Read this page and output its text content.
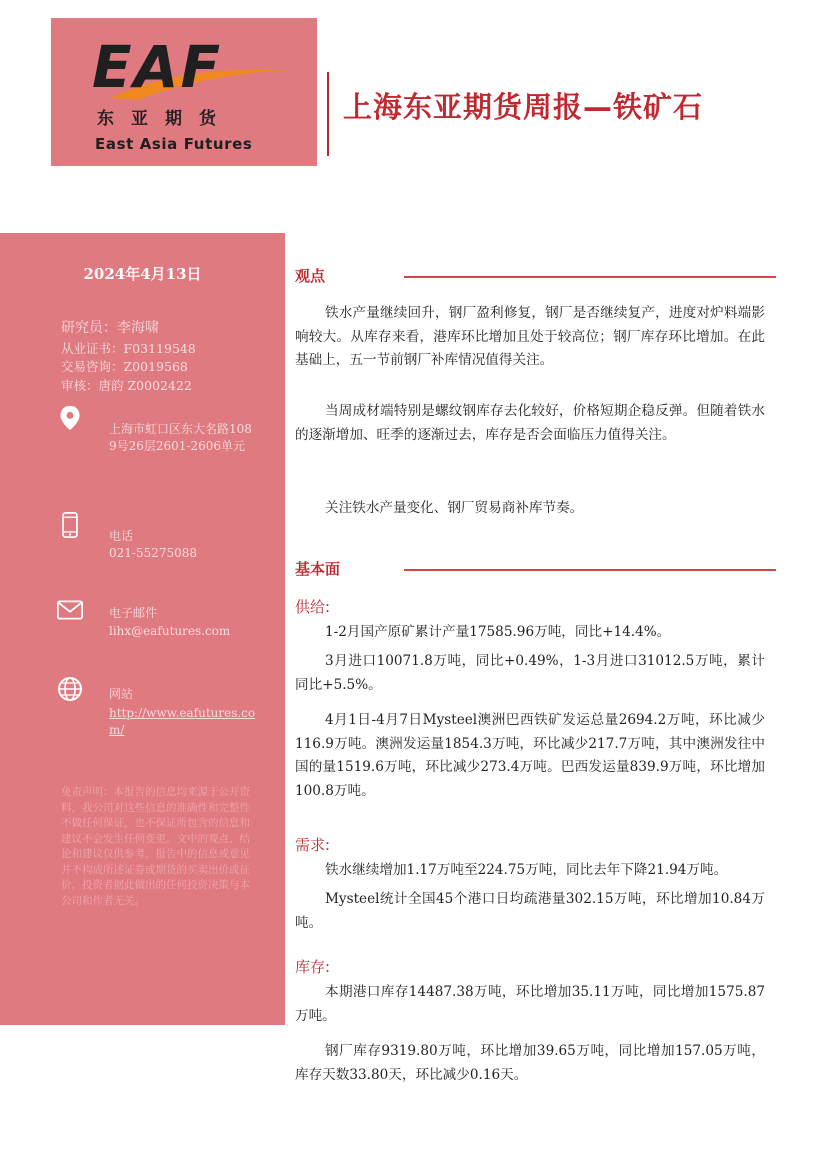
EAF
东亚期货
East Asia Futures
上海东亚期货周报—铁矿石
2024年4月13日
研究员：李海啸
从业证书：F03119548
交易咨询：Z0019568
审核：唐韵 Z0002422
上海市虹口区东大名路1089号26层2601-2606单元
电话
021-55275088
电子邮件
lihx@eafutures.com
网站
http://www.eafutures.com/
免责声明：本报告的信息均来源于公开资料，我公司对这些信息的准确性和完整性不做任何保证，也不保证所包含的信息和建议不会发生任何变更。文中的观点、结论和建议仅供参考，报告中的信息或意见并不构成所述证券或期货的买卖出价或征价，投资者据此做出的任何投资决策与本公司和作者无关。
观点
铁水产量继续回升，钢厂盈利修复，钢厂是否继续复产，进度对炉料端影响较大。从库存来看，港库环比增加且处于较高位；钢厂库存环比增加。在此基础上，五一节前钢厂补库情况值得关注。
当周成材端特别是螺纹钢库存去化较好，价格短期企稳反弹。但随着铁水的逐渐增加、旺季的逐渐过去，库存是否会面临压力值得关注。
关注铁水产量变化、钢厂贸易商补库节奏。
基本面
供给:
1-2月国产原矿累计产量17585.96万吨，同比+14.4%。
3月进口10071.8万吨，同比+0.49%，1-3月进口31012.5万吨，累计同比+5.5%。
4月1日-4月7日Mysteel澳洲巴西铁矿发运总量2694.2万吨，环比减少116.9万吨。澳洲发运量1854.3万吨，环比减少217.7万吨，其中澳洲发往中国的量1519.6万吨，环比减少273.4万吨。巴西发运量839.9万吨，环比增加100.8万吨。
需求:
铁水继续增加1.17万吨至224.75万吨，同比去年下降21.94万吨。
Mysteel统计全国45个港口日均疏港量302.15万吨，环比增加10.84万吨。
库存:
本期港口库存14487.38万吨，环比增加35.11万吨，同比增加1575.87万吨。
钢厂库存9319.80万吨，环比增加39.65万吨，同比增加157.05万吨，库存天数33.80天，环比减少0.16天。
